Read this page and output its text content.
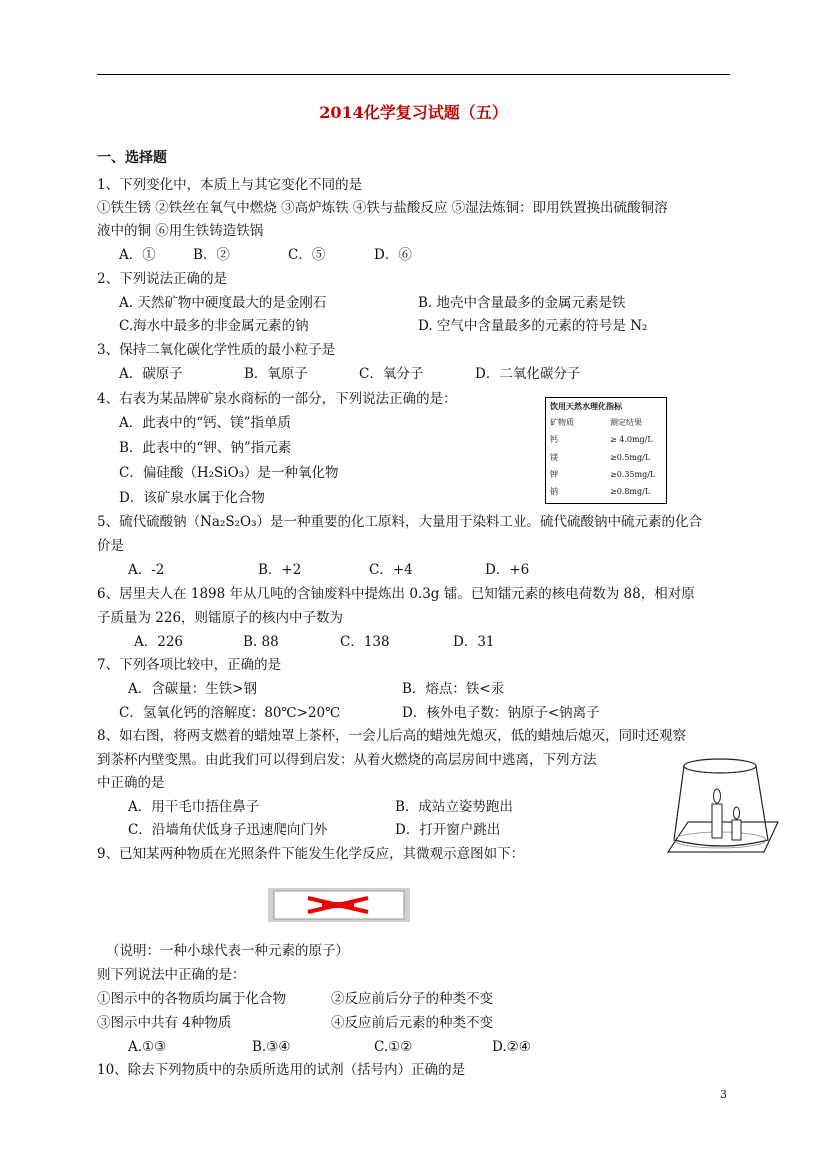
2014化学复习试题（五）
一、选择题
1、下列变化中，本质上与其它变化不同的是
①铁生锈 ②铁丝在氧气中燃烧 ③高炉炼铁 ④铁与盐酸反应 ⑤湿法炼铜：即用铁置换出硫酸铜溶
液中的铜 ⑥用生铁铸造铁锅
A．①	B．②	C．⑤	D．⑥
2、下列说法正确的是
A. 天然矿物中硬度最大的是金刚石	B. 地壳中含量最多的金属元素是铁
C.海水中最多的非金属元素的钠	D. 空气中含量最多的元素的符号是 N₂
3、保持二氧化碳化学性质的最小粒子是
A．碳原子	B．氧原子	C．氧分子	D．二氧化碳分子
4、右表为某品牌矿泉水商标的一部分，下列说法正确的是：
A．此表中的“钙、镁”指单质
B．此表中的“钾、钠”指元素
C．偏硅酸（H₂SiO₃）是一种氧化物
D．该矿泉水属于化合物
饮用天然水理化指标
矿物质	测定结果
钙	≥ 4.0mg/L
镁	≥0.5mg/L
钾	≥0.35mg/L
钠	≥0.8mg/L
5、硫代硫酸钠（Na₂S₂O₃）是一种重要的化工原料，大量用于染料工业。硫代硫酸钠中硫元素的化合
价是
A．-2	B．+2	C．+4	D．+6
6、居里夫人在 1898 年从几吨的含铀废料中提炼出 0.3g 镭。已知镭元素的核电荷数为 88，相对原
子质量为 226，则镭原子的核内中子数为
A．226	B. 88	C．138	D．31
7、下列各项比较中，正确的是
A．含碳量：生铁>钢	B．熔点：铁<汞
C．氢氧化钙的溶解度：80℃>20℃	D．核外电子数：钠原子<钠离子
8、如右图，将两支燃着的蜡烛罩上茶杯，一会儿后高的蜡烛先熄灭，低的蜡烛后熄灭，同时还观察
到茶杯内壁变黑。由此我们可以得到启发：从着火燃烧的高层房间中逃离，下列方法
中正确的是
A．用干毛巾捂住鼻子	B．成站立姿势跑出
C．沿墙角伏低身子迅速爬向门外	D．打开窗户跳出
9、已知某两种物质在光照条件下能发生化学反应，其微观示意图如下：
（说明：一种小球代表一种元素的原子）
则下列说法中正确的是：
①图示中的各物质均属于化合物	②反应前后分子的种类不变
③图示中共有 4种物质	④反应前后元素的种类不变
A.①③	B.③④	C.①②	D.②④
10、除去下列物质中的杂质所选用的试剂（括号内）正确的是
3
